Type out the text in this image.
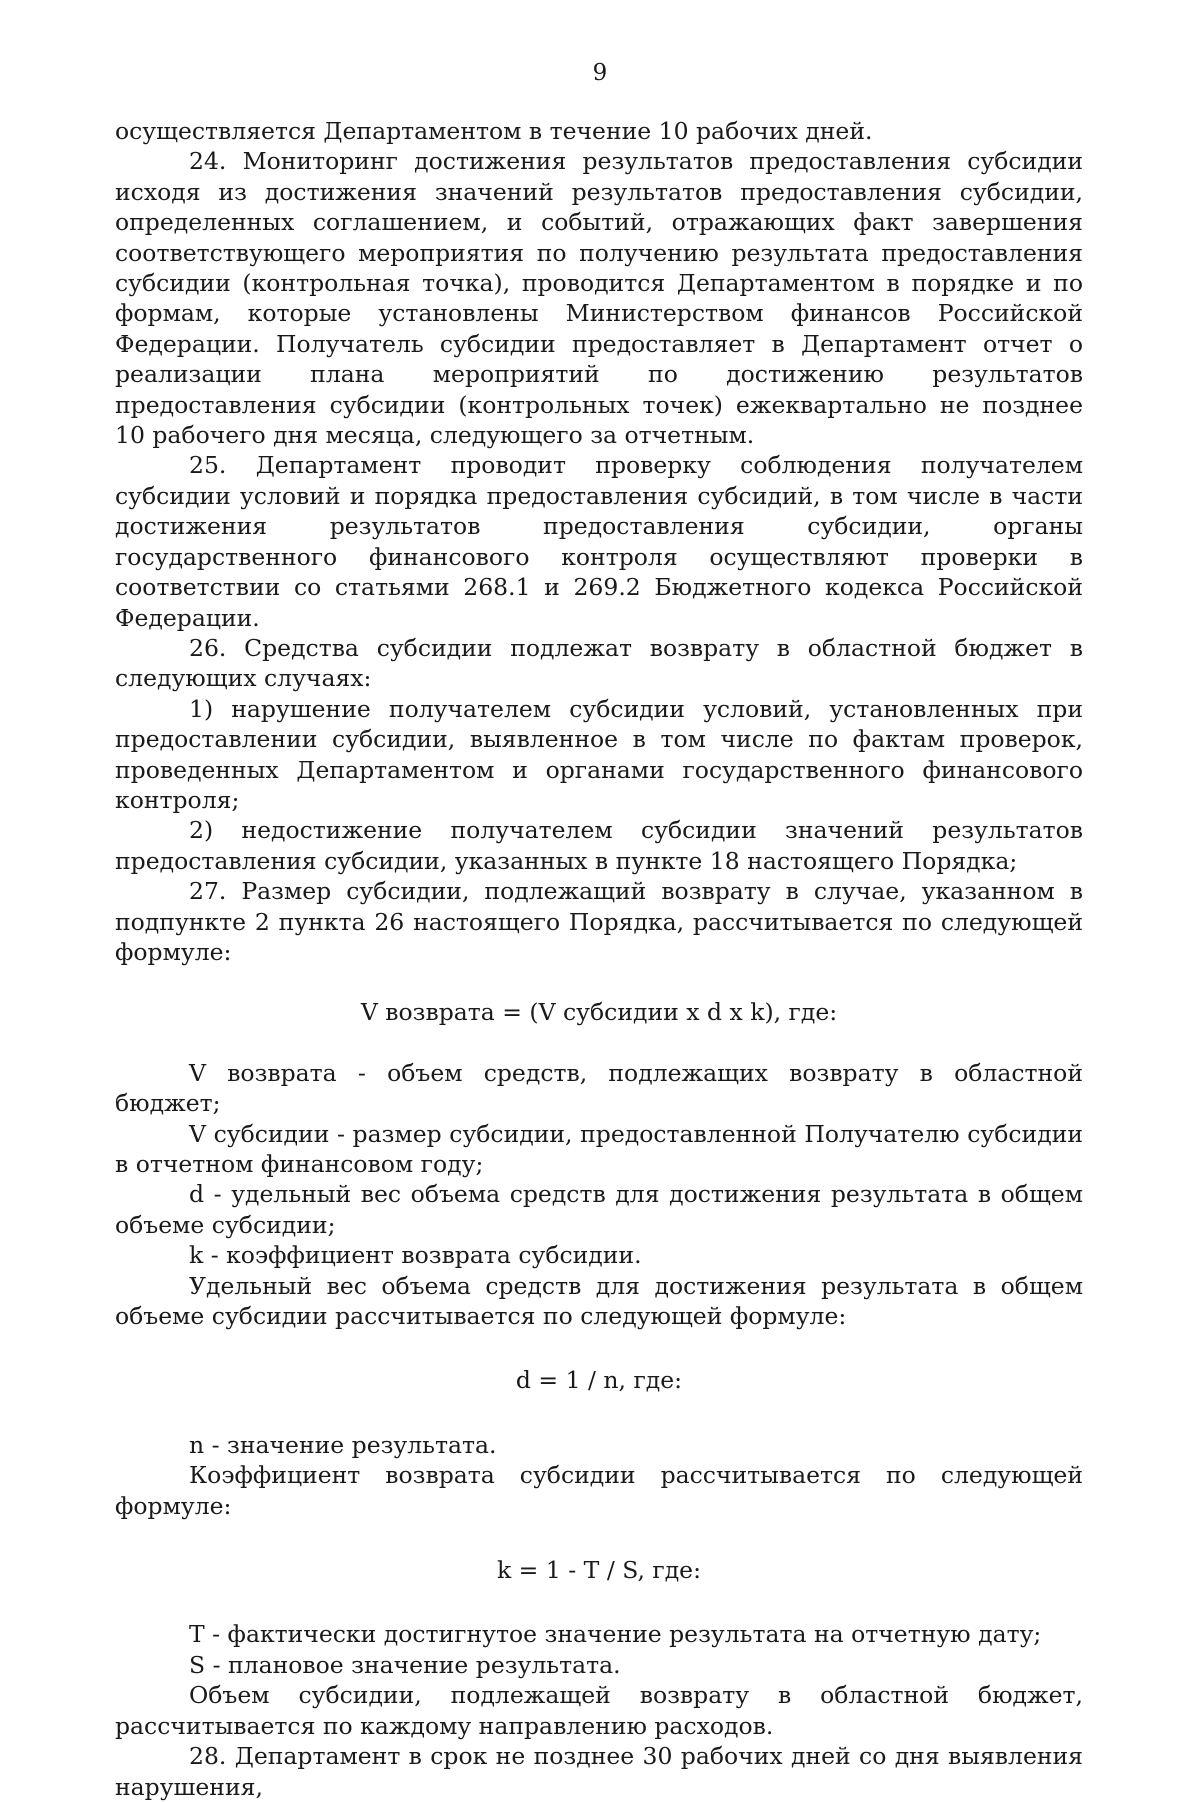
9

осуществляется Департаментом в течение 10 рабочих дней.

24. Мониторинг достижения результатов предоставления субсидии исходя из достижения значений результатов предоставления субсидии, определенных соглашением, и событий, отражающих факт завершения соответствующего мероприятия по получению результата предоставления субсидии (контрольная точка), проводится Департаментом в порядке и по формам, которые установлены Министерством финансов Российской Федерации. Получатель субсидии предоставляет в Департамент отчет о реализации плана мероприятий по достижению результатов предоставления субсидии (контрольных точек) ежеквартально не позднее 10 рабочего дня месяца, следующего за отчетным.

25. Департамент проводит проверку соблюдения получателем субсидии условий и порядка предоставления субсидий, в том числе в части достижения результатов предоставления субсидии, органы государственного финансового контроля осуществляют проверки в соответствии со статьями 268.1 и 269.2 Бюджетного кодекса Российской Федерации.

26. Средства субсидии подлежат возврату в областной бюджет в следующих случаях:

1) нарушение получателем субсидии условий, установленных при предоставлении субсидии, выявленное в том числе по фактам проверок, проведенных Департаментом и органами государственного финансового контроля;

2) недостижение получателем субсидии значений результатов предоставления субсидии, указанных в пункте 18 настоящего Порядка;

27. Размер субсидии, подлежащий возврату в случае, указанном в подпункте 2 пункта 26 настоящего Порядка, рассчитывается по следующей формуле:

V возврата = (V субсидии x d x k), где:

V возврата - объем средств, подлежащих возврату в областной бюджет;

V субсидии - размер субсидии, предоставленной Получателю субсидии в отчетном финансовом году;

d - удельный вес объема средств для достижения результата в общем объеме субсидии;

k - коэффициент возврата субсидии.

Удельный вес объема средств для достижения результата в общем объеме субсидии рассчитывается по следующей формуле:

d = 1 / n, где:

n - значение результата.

Коэффициент возврата субсидии рассчитывается по следующей формуле:

k = 1 - T / S, где:

T - фактически достигнутое значение результата на отчетную дату;

S - плановое значение результата.

Объем субсидии, подлежащей возврату в областной бюджет, рассчитывается по каждому направлению расходов.

28. Департамент в срок не позднее 30 рабочих дней со дня выявления нарушения,
